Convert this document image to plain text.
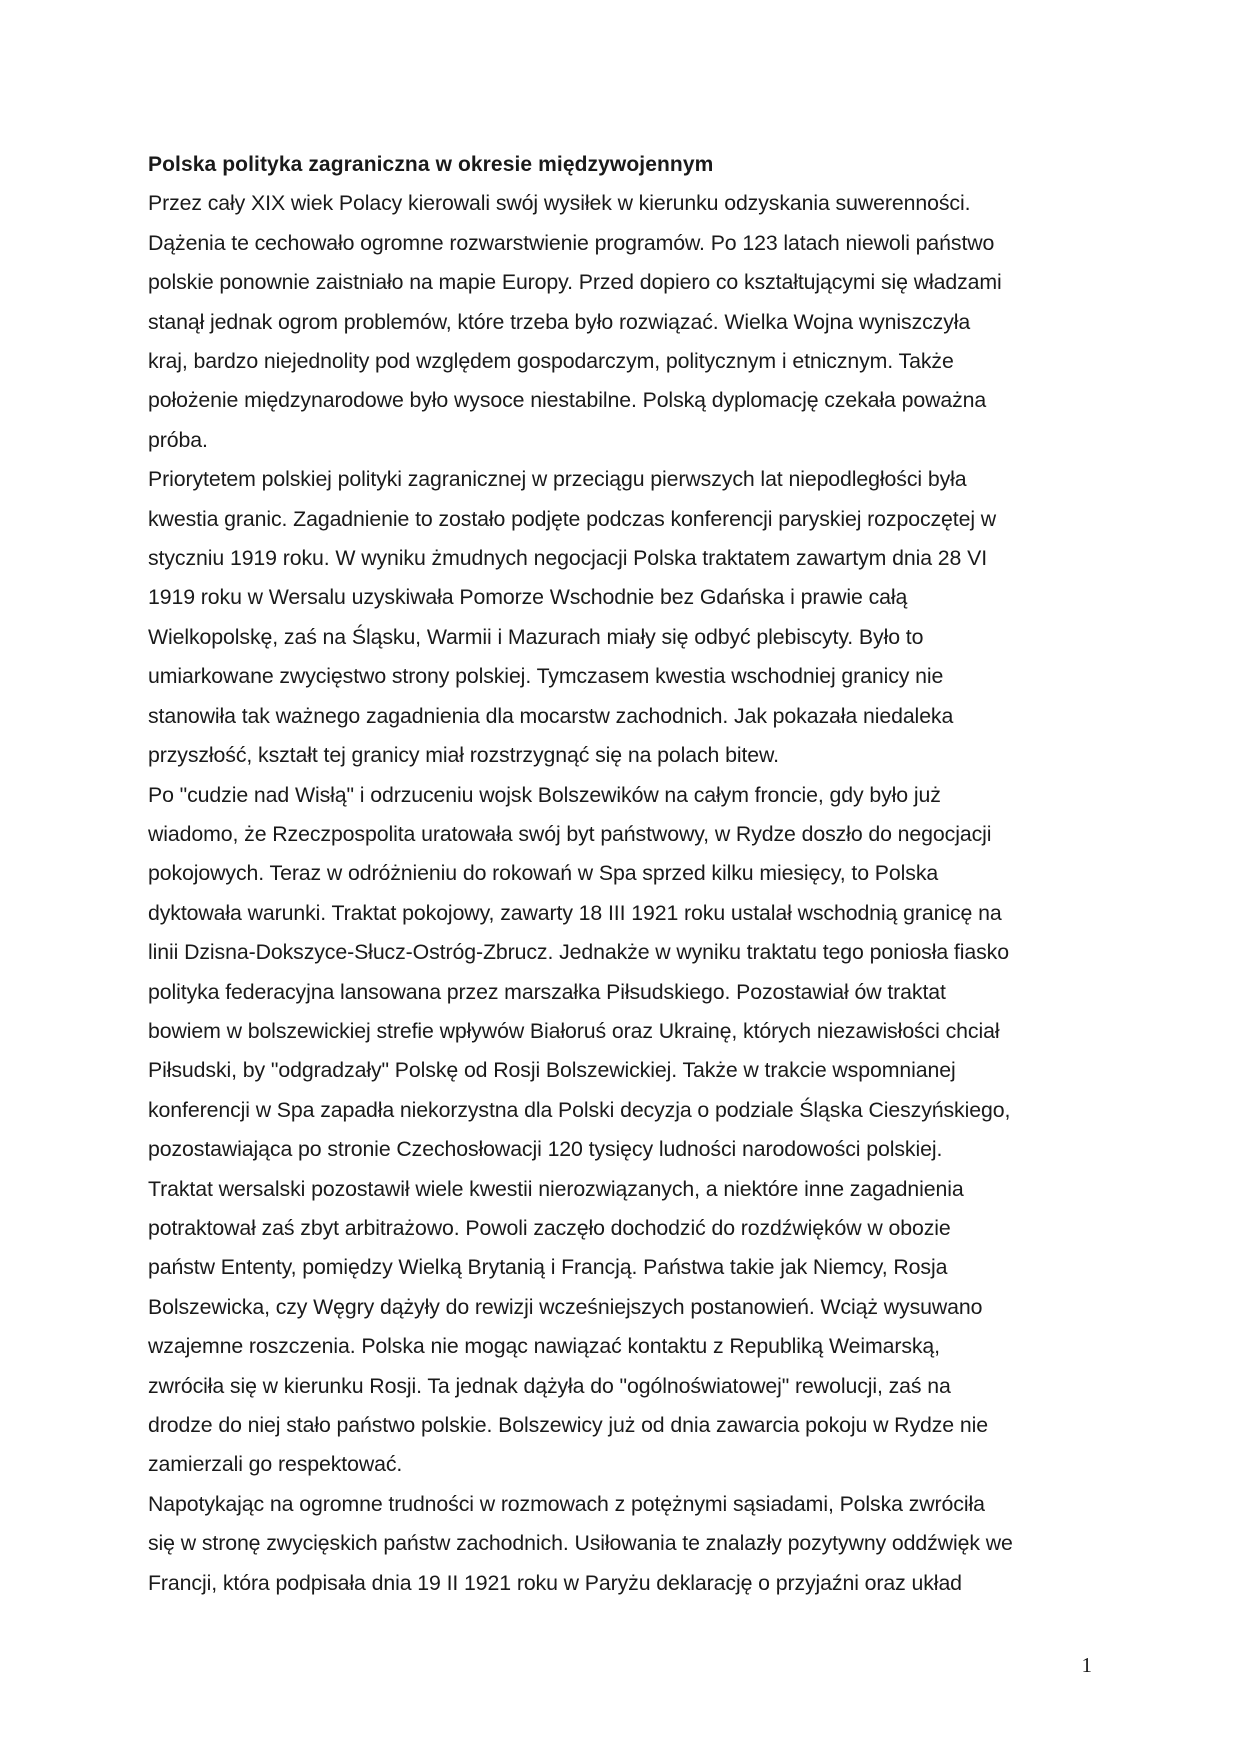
Polska polityka zagraniczna w okresie międzywojennym

Przez cały XIX wiek Polacy kierowali swój wysiłek w kierunku odzyskania suwerenności.
Dążenia te cechowało ogromne rozwarstwienie programów. Po 123 latach niewoli państwo
polskie ponownie zaistniało na mapie Europy. Przed dopiero co kształtującymi się władzami
stanął jednak ogrom problemów, które trzeba było rozwiązać. Wielka Wojna wyniszczyła
kraj, bardzo niejednolity pod względem gospodarczym, politycznym i etnicznym. Także
położenie międzynarodowe było wysoce niestabilne. Polską dyplomację czekała poważna
próba.

Priorytetem polskiej polityki zagranicznej w przeciągu pierwszych lat niepodległości była
kwestia granic. Zagadnienie to zostało podjęte podczas konferencji paryskiej rozpoczętej w
styczniu 1919 roku. W wyniku żmudnych negocjacji Polska traktatem zawartym dnia 28 VI
1919 roku w Wersalu uzyskiwała Pomorze Wschodnie bez Gdańska i prawie całą
Wielkopolskę, zaś na Śląsku, Warmii i Mazurach miały się odbyć plebiscyty. Było to
umiarkowane zwycięstwo strony polskiej. Tymczasem kwestia wschodniej granicy nie
stanowiła tak ważnego zagadnienia dla mocarstw zachodnich. Jak pokazała niedaleka
przyszłość, kształt tej granicy miał rozstrzygnąć się na polach bitew.

Po "cudzie nad Wisłą" i odrzuceniu wojsk Bolszewików na całym froncie, gdy było już
wiadomo, że Rzeczpospolita uratowała swój byt państwowy, w Rydze doszło do negocjacji
pokojowych. Teraz w odróżnieniu do rokowań w Spa sprzed kilku miesięcy, to Polska
dyktowała warunki. Traktat pokojowy, zawarty 18 III 1921 roku ustalał wschodnią granicę na
linii Dzisna-Dokszyce-Słucz-Ostróg-Zbrucz. Jednakże w wyniku traktatu tego poniosła fiasko
polityka federacyjna lansowana przez marszałka Piłsudskiego. Pozostawiał ów traktat
bowiem w bolszewickiej strefie wpływów Białoruś oraz Ukrainę, których niezawisłości chciał
Piłsudski, by "odgradzały" Polskę od Rosji Bolszewickiej. Także w trakcie wspomnianej
konferencji w Spa zapadła niekorzystna dla Polski decyzja o podziale Śląska Cieszyńskiego,
pozostawiająca po stronie Czechosłowacji 120 tysięcy ludności narodowości polskiej.

Traktat wersalski pozostawił wiele kwestii nierozwiązanych, a niektóre inne zagadnienia
potraktował zaś zbyt arbitrażowo. Powoli zaczęło dochodzić do rozdźwięków w obozie
państw Ententy, pomiędzy Wielką Brytanią i Francją. Państwa takie jak Niemcy, Rosja
Bolszewicka, czy Węgry dążyły do rewizji wcześniejszych postanowień. Wciąż wysuwano
wzajemne roszczenia. Polska nie mogąc nawiązać kontaktu z Republiką Weimarską,
zwróciła się w kierunku Rosji. Ta jednak dążyła do "ogólnoświatowej" rewolucji, zaś na
drodze do niej stało państwo polskie. Bolszewicy już od dnia zawarcia pokoju w Rydze nie
zamierzali go respektować.

Napotykając na ogromne trudności w rozmowach z potężnymi sąsiadami, Polska zwróciła
się w stronę zwycięskich państw zachodnich. Usiłowania te znalazły pozytywny oddźwięk we
Francji, która podpisała dnia 19 II 1921 roku w Paryżu deklarację o przyjaźni oraz układ

1
